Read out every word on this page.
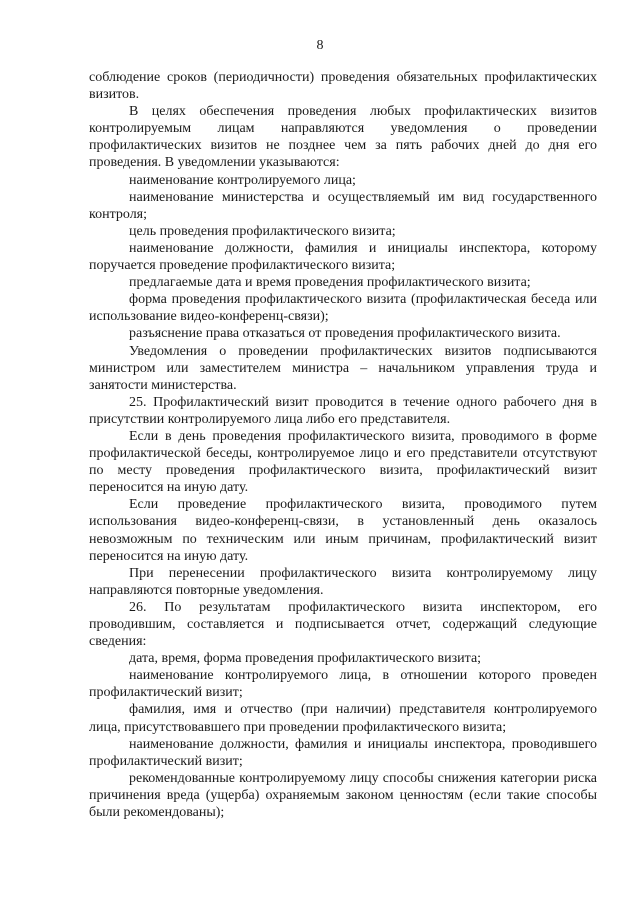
8

соблюдение сроков (периодичности) проведения обязательных профилактических визитов.

В целях обеспечения проведения любых профилактических визитов контролируемым лицам направляются уведомления о проведении профилактических визитов не позднее чем за пять рабочих дней до дня его проведения. В уведомлении указываются:

наименование контролируемого лица;

наименование министерства и осуществляемый им вид государственного контроля;

цель проведения профилактического визита;

наименование должности, фамилия и инициалы инспектора, которому поручается проведение профилактического визита;

предлагаемые дата и время проведения профилактического визита;

форма проведения профилактического визита (профилактическая беседа или использование видео-конференц-связи);

разъяснение права отказаться от проведения профилактического визита.

Уведомления о проведении профилактических визитов подписываются министром или заместителем министра – начальником управления труда и занятости министерства.

25. Профилактический визит проводится в течение одного рабочего дня в присутствии контролируемого лица либо его представителя.

Если в день проведения профилактического визита, проводимого в форме профилактической беседы, контролируемое лицо и его представители отсутствуют по месту проведения профилактического визита, профилактический визит переносится на иную дату.

Если проведение профилактического визита, проводимого путем использования видео-конференц-связи, в установленный день оказалось невозможным по техническим или иным причинам, профилактический визит переносится на иную дату.

При перенесении профилактического визита контролируемому лицу направляются повторные уведомления.

26. По результатам профилактического визита инспектором, его проводившим, составляется и подписывается отчет, содержащий следующие сведения:

дата, время, форма проведения профилактического визита;

наименование контролируемого лица, в отношении которого проведен профилактический визит;

фамилия, имя и отчество (при наличии) представителя контролируемого лица, присутствовавшего при проведении профилактического визита;

наименование должности, фамилия и инициалы инспектора, проводившего профилактический визит;

рекомендованные контролируемому лицу способы снижения категории риска причинения вреда (ущерба) охраняемым законом ценностям (если такие способы были рекомендованы);
